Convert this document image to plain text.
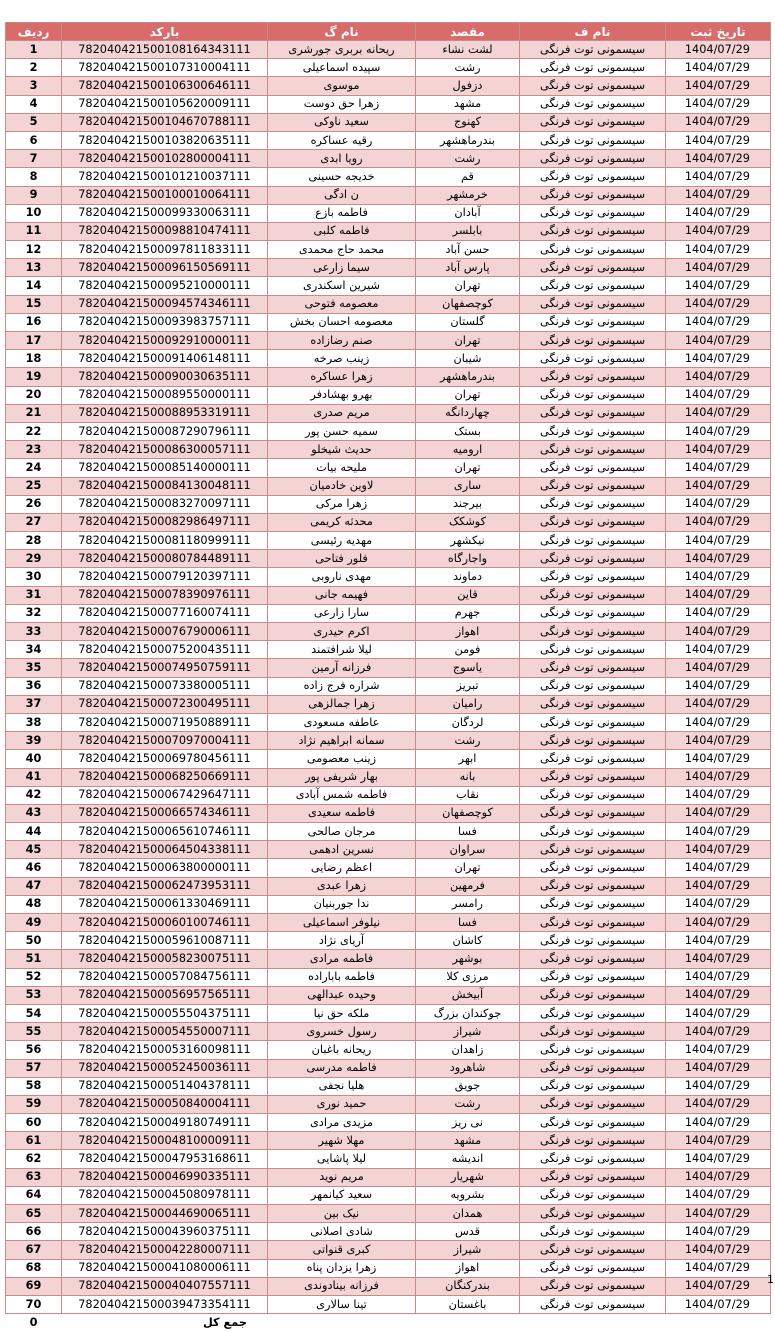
ردیف	بارکد	نام گ	مقصد	نام ف	تاریخ ثبت
1	782040421500108164343111	ریحانه بربری جورشری	لشت نشاء	سیسمونی توت فرنگی	1404/07/29
2	782040421500107310004111	سپیده اسماعیلی	رشت	سیسمونی توت فرنگی	1404/07/29
3	782040421500106300646111	موسوی	دزفول	سیسمونی توت فرنگی	1404/07/29
4	782040421500105620009111	زهرا حق دوست	مشهد	سیسمونی توت فرنگی	1404/07/29
5	782040421500104670788111	سعید ناوکی	کهنوج	سیسمونی توت فرنگی	1404/07/29
6	782040421500103820635111	رقیه عساکره	بندرماهشهر	سیسمونی توت فرنگی	1404/07/29
7	782040421500102800004111	رویا ابدی	رشت	سیسمونی توت فرنگی	1404/07/29
8	782040421500101210037111	خدیجه حسینی	قم	سیسمونی توت فرنگی	1404/07/29
9	782040421500100010064111	ن ادگی	خرمشهر	سیسمونی توت فرنگی	1404/07/29
10	782040421500099330063111	فاطمه بازع	آبادان	سیسمونی توت فرنگی	1404/07/29
11	782040421500098810474111	فاطمه کلبی	بابلسر	سیسمونی توت فرنگی	1404/07/29
12	782040421500097811833111	محمد حاج محمدی	حسن آباد	سیسمونی توت فرنگی	1404/07/29
13	782040421500096150569111	سیما زارعی	پارس آباد	سیسمونی توت فرنگی	1404/07/29
14	782040421500095210000111	شیرین اسکندری	تهران	سیسمونی توت فرنگی	1404/07/29
15	782040421500094574346111	معصومه فتوحی	کوچصفهان	سیسمونی توت فرنگی	1404/07/29
16	782040421500093983757111	معصومه احسان بخش	گلستان	سیسمونی توت فرنگی	1404/07/29
17	782040421500092910000111	صنم رضازاده	تهران	سیسمونی توت فرنگی	1404/07/29
18	782040421500091406148111	زینب صرخه	شیبان	سیسمونی توت فرنگی	1404/07/29
19	782040421500090030635111	زهرا عساکره	بندرماهشهر	سیسمونی توت فرنگی	1404/07/29
20	782040421500089550000111	بهرو بهشادفر	تهران	سیسمونی توت فرنگی	1404/07/29
21	782040421500088953319111	مریم صدری	چهاردانگه	سیسمونی توت فرنگی	1404/07/29
22	782040421500087290796111	سمیه حسن پور	بستک	سیسمونی توت فرنگی	1404/07/29
23	782040421500086300057111	حدیث شیخلو	ارومیه	سیسمونی توت فرنگی	1404/07/29
24	782040421500085140000111	ملیحه بیات	تهران	سیسمونی توت فرنگی	1404/07/29
25	782040421500084130048111	لاوین خادمیان	ساری	سیسمونی توت فرنگی	1404/07/29
26	782040421500083270097111	زهرا مرکی	بیرجند	سیسمونی توت فرنگی	1404/07/29
27	782040421500082986497111	محدثه کریمی	کوشکک	سیسمونی توت فرنگی	1404/07/29
28	782040421500081180999111	مهدیه رئیسی	نیکشهر	سیسمونی توت فرنگی	1404/07/29
29	782040421500080784489111	فلور فتاحی	واجارگاه	سیسمونی توت فرنگی	1404/07/29
30	782040421500079120397111	مهدی ناروبی	دماوند	سیسمونی توت فرنگی	1404/07/29
31	782040421500078390976111	فهیمه جانی	قاین	سیسمونی توت فرنگی	1404/07/29
32	782040421500077160074111	سارا زارعی	جهرم	سیسمونی توت فرنگی	1404/07/29
33	782040421500076790006111	اکرم حیدری	اهواز	سیسمونی توت فرنگی	1404/07/29
34	782040421500075200435111	لیلا شرافتمند	فومن	سیسمونی توت فرنگی	1404/07/29
35	782040421500074950759111	فرزانه آرمین	یاسوج	سیسمونی توت فرنگی	1404/07/29
36	782040421500073380005111	شراره فرج زاده	تبریز	سیسمونی توت فرنگی	1404/07/29
37	782040421500072300495111	زهرا جمالزهی	رامیان	سیسمونی توت فرنگی	1404/07/29
38	782040421500071950889111	عاطفه مسعودی	لردگان	سیسمونی توت فرنگی	1404/07/29
39	782040421500070970004111	سمانه ابراهیم نژاد	رشت	سیسمونی توت فرنگی	1404/07/29
40	782040421500069780456111	زینب معصومی	ابهر	سیسمونی توت فرنگی	1404/07/29
41	782040421500068250669111	بهار شریفی پور	بانه	سیسمونی توت فرنگی	1404/07/29
42	782040421500067429647111	فاطمه شمس آبادی	نقاب	سیسمونی توت فرنگی	1404/07/29
43	782040421500066574346111	فاطمه سعیدی	کوچصفهان	سیسمونی توت فرنگی	1404/07/29
44	782040421500065610746111	مرجان صالحی	فسا	سیسمونی توت فرنگی	1404/07/29
45	782040421500064504338111	نسرین ادهمی	سراوان	سیسمونی توت فرنگی	1404/07/29
46	782040421500063800000111	اعظم رضایی	تهران	سیسمونی توت فرنگی	1404/07/29
47	782040421500062473953111	زهرا عبدی	فرمهین	سیسمونی توت فرنگی	1404/07/29
48	782040421500061330469111	ندا جوربنیان	رامسر	سیسمونی توت فرنگی	1404/07/29
49	782040421500060100746111	نیلوفر اسماعیلی	فسا	سیسمونی توت فرنگی	1404/07/29
50	782040421500059610087111	آریای نژاد	کاشان	سیسمونی توت فرنگی	1404/07/29
51	782040421500058230075111	فاطمه مرادی	بوشهر	سیسمونی توت فرنگی	1404/07/29
52	782040421500057084756111	فاطمه باباراده	مرزی کلا	سیسمونی توت فرنگی	1404/07/29
53	782040421500056957565111	وحیده عبدالهی	آبیخش	سیسمونی توت فرنگی	1404/07/29
54	782040421500055504375111	ملکه حق نیا	جوکندان بزرگ	سیسمونی توت فرنگی	1404/07/29
55	782040421500054550007111	رسول خسروی	شیراز	سیسمونی توت فرنگی	1404/07/29
56	782040421500053160098111	ریحانه باغبان	زاهدان	سیسمونی توت فرنگی	1404/07/29
57	782040421500052450036111	فاطمه مدرسی	شاهرود	سیسمونی توت فرنگی	1404/07/29
58	782040421500051404378111	هلیا نجفی	جویق	سیسمونی توت فرنگی	1404/07/29
59	782040421500050840004111	حمید نوری	رشت	سیسمونی توت فرنگی	1404/07/29
60	782040421500049180749111	مزیدی مرادی	نی ریز	سیسمونی توت فرنگی	1404/07/29
61	782040421500048100009111	مهلا شهیر	مشهد	سیسمونی توت فرنگی	1404/07/29
62	782040421500047953168611	لیلا پاشایی	اندیشه	سیسمونی توت فرنگی	1404/07/29
63	782040421500046990335111	مریم نوید	شهریار	سیسمونی توت فرنگی	1404/07/29
64	782040421500045080978111	سعید کیانمهر	بشرویه	سیسمونی توت فرنگی	1404/07/29
65	782040421500044690065111	نیک بین	همدان	سیسمونی توت فرنگی	1404/07/29
66	782040421500043960375111	شادی اصلانی	قدس	سیسمونی توت فرنگی	1404/07/29
67	782040421500042280007111	کبری قنواتی	شیراز	سیسمونی توت فرنگی	1404/07/29
68	782040421500041080006111	زهرا یزدان پناه	اهواز	سیسمونی توت فرنگی	1404/07/29
69	782040421500040407557111	فرزانه بینادوندی	بندرکنگان	سیسمونی توت فرنگی	1404/07/29
70	782040421500039473354111	تینا سالاری	باغستان	سیسمونی توت فرنگی	1404/07/29
0	جمع کل				
1
